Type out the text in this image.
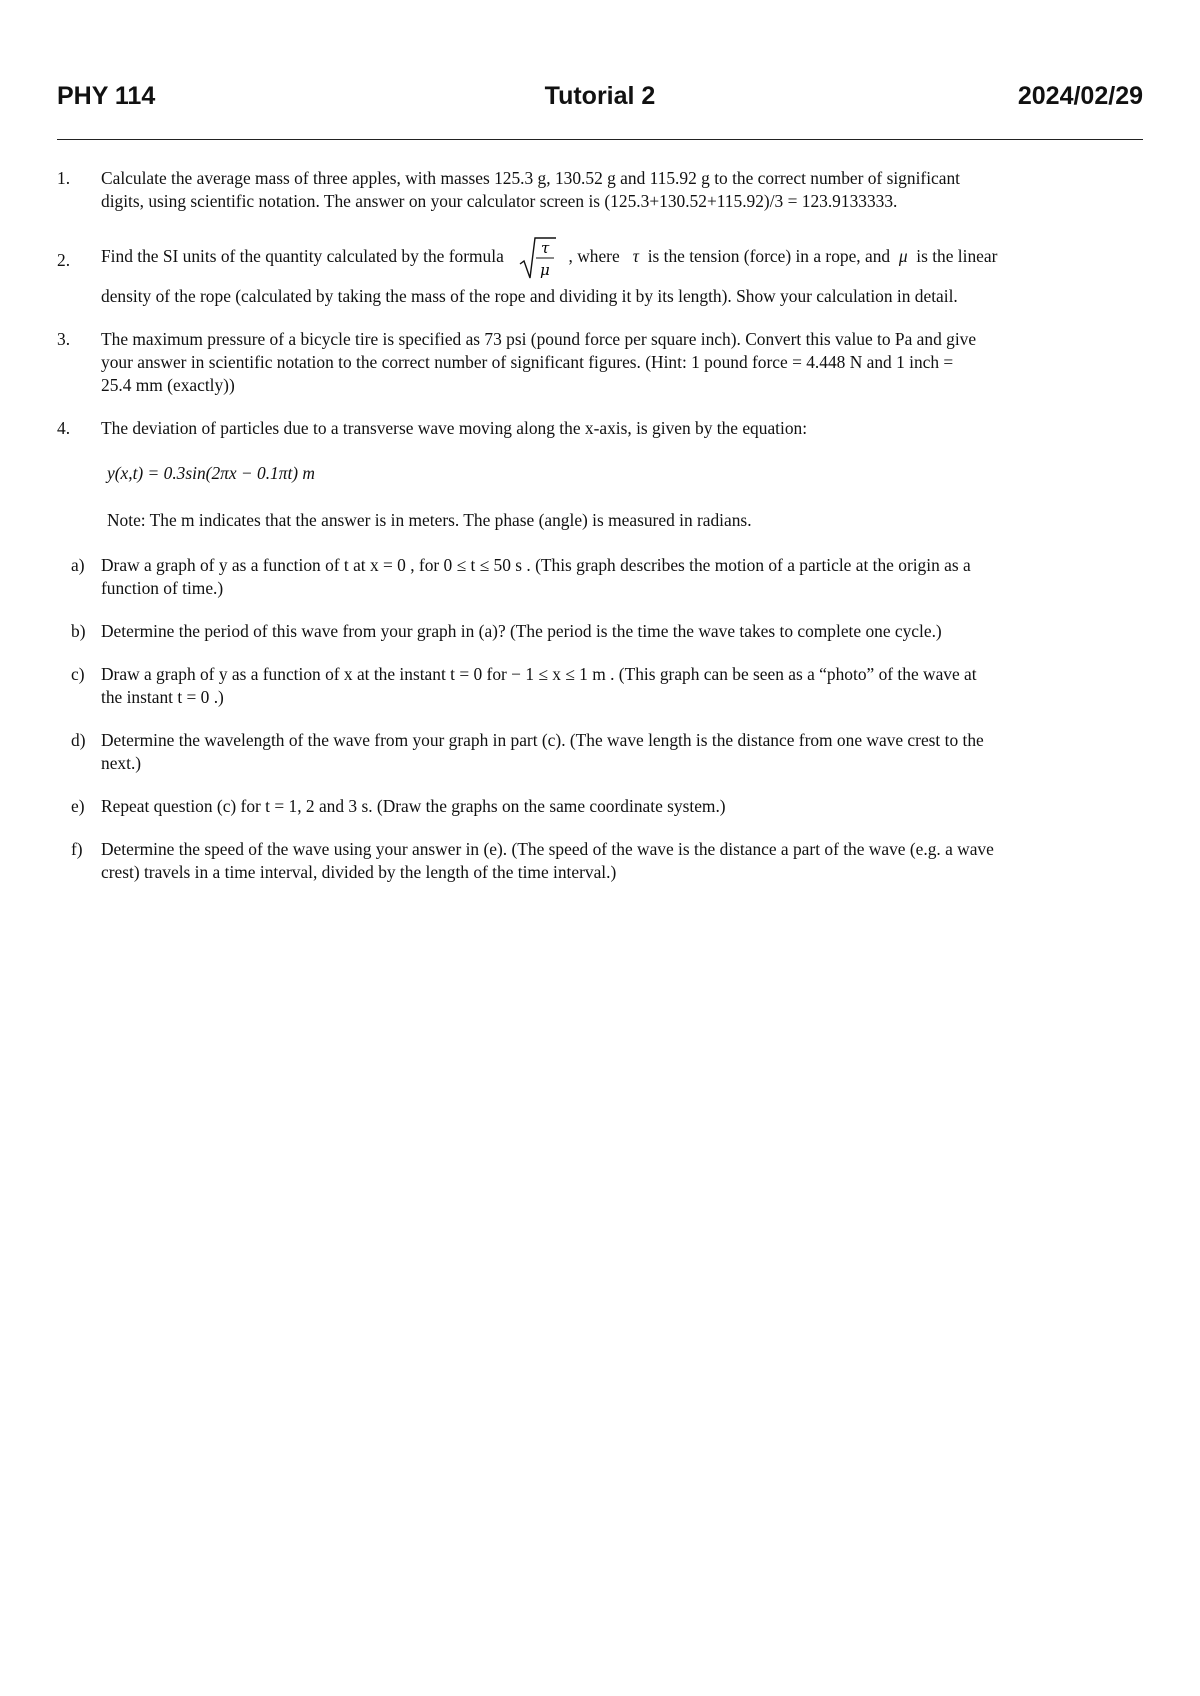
PHY 114	Tutorial 2	2024/02/29
1. Calculate the average mass of three apples, with masses 125.3 g, 130.52 g and 115.92 g to the correct number of significant
digits, using scientific notation. The answer on your calculator screen is (125.3+130.52+115.92)/3 = 123.9133333.
2. Find the SI units of the quantity calculated by the formula τ
μ
, where τ is the tension (force) in a rope, and μ is the linear
density of the rope (calculated by taking the mass of the rope and dividing it by its length). Show your calculation in detail.
3. The maximum pressure of a bicycle tire is specified as 73 psi (pound force per square inch). Convert this value to Pa and give
your answer in scientific notation to the correct number of significant figures. (Hint: 1 pound force = 4.448 N and 1 inch =
25.4 mm (exactly))
4. The deviation of particles due to a transverse wave moving along the x-axis, is given by the equation:
y(x,t) = 0.3sin(2πx − 0.1πt) m
Note: The m indicates that the answer is in meters. The phase (angle) is measured in radians.
a) Draw a graph of y as a function of t at x = 0 , for 0 ≤ t ≤ 50 s . (This graph describes the motion of a particle at the origin as a
function of time.)
b) Determine the period of this wave from your graph in (a)? (The period is the time the wave takes to complete one cycle.)
c) Draw a graph of y as a function of x at the instant t = 0 for − 1 ≤ x ≤ 1 m . (This graph can be seen as a “photo” of the wave at
the instant t = 0 .)
d) Determine the wavelength of the wave from your graph in part (c). (The wave length is the distance from one wave crest to the
next.)
e) Repeat question (c) for t = 1, 2 and 3 s. (Draw the graphs on the same coordinate system.)
f) Determine the speed of the wave using your answer in (e). (The speed of the wave is the distance a part of the wave (e.g. a wave
crest) travels in a time interval, divided by the length of the time interval.)
